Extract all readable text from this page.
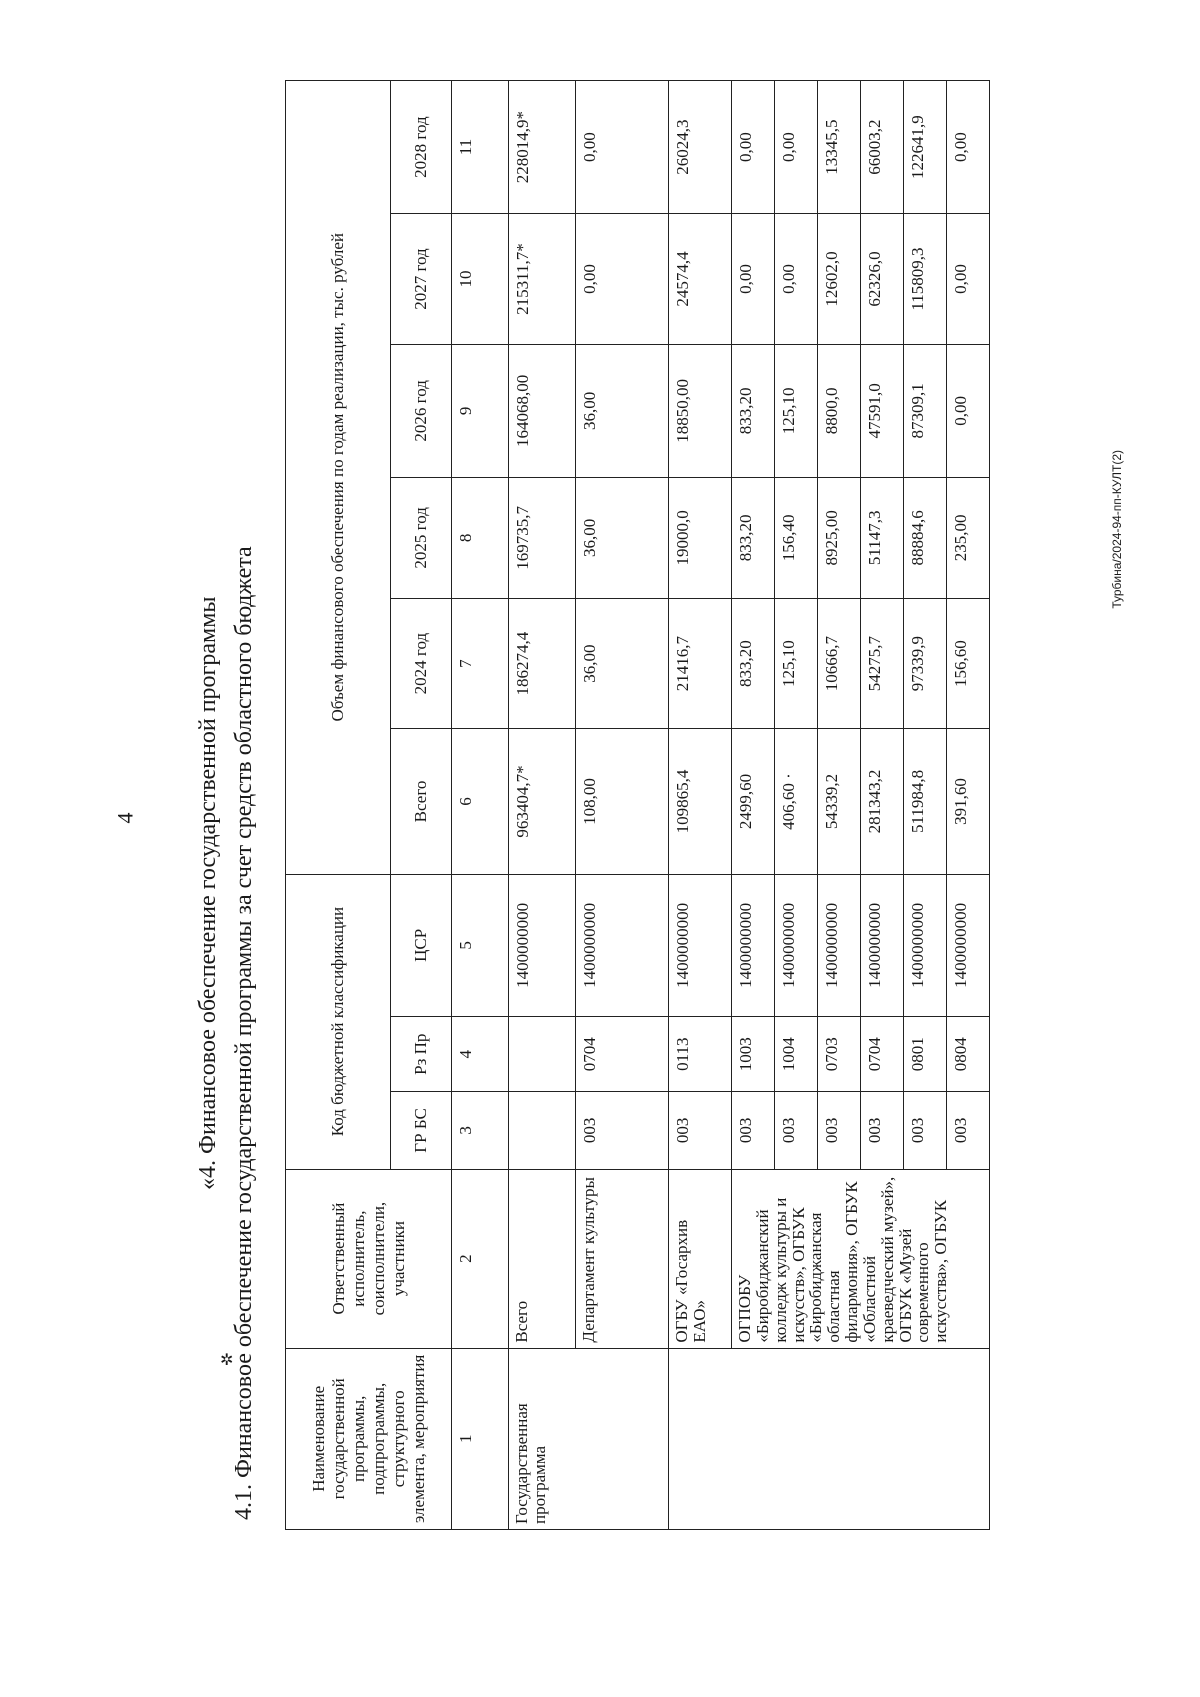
4
Турбина/2024-94-пп-КУЛТ(2)
✲
«4. Финансовое обеспечение государственной программы 4.1. Финансовое обеспечение государственной программы за счет средств областного бюджета	Наименование государственной программы, подпрограммы, структурного элемента, мероприятия	Ответственный исполнитель, соисполнители, участники	Код бюджетной классификации			Объем финансового обеспечения по годам реализации, тыс. рублей					
		ГР БС	Рз Пр	ЦСР	Всего	2024 год	2025 год	2026 год	2027 год	2028 год
1	2	3	4	5	6	7	8	9	10	11
Государственная программа	Всего			1400000000	963404,7*	186274,4	169735,7	164068,00	215311,7*	228014,9*
	Департамент культуры	003	0704	1400000000	108,00	36,00	36,00	36,00	0,00	0,00
	ОГБУ «Госархив ЕАО»	003	0113	1400000000	109865,4	21416,7	19000,0	18850,00	24574,4	26024,3
	ОГПОБУ «Биробиджанский колледж культуры и искусств», ОГБУК «Биробиджанская областная филармония», ОГБУК «Областной краеведческий музей», ОГБУК «Музей современного искусства», ОГБУК	003	1003	1400000000	2499,60	833,20	833,20	833,20	0,00	0,00
		003	1004	1400000000	406,60 ·	125,10	156,40	125,10	0,00	0,00
		003	0703	1400000000	54339,2	10666,7	8925,00	8800,0	12602,0	13345,5
		003	0704	1400000000	281343,2	54275,7	51147,3	47591,0	62326,0	66003,2
		003	0801	1400000000	511984,8	97339,9	88884,6	87309,1	115809,3	122641,9
		003	0804	1400000000	391,60	156,60	235,00	0,00	0,00	0,00
